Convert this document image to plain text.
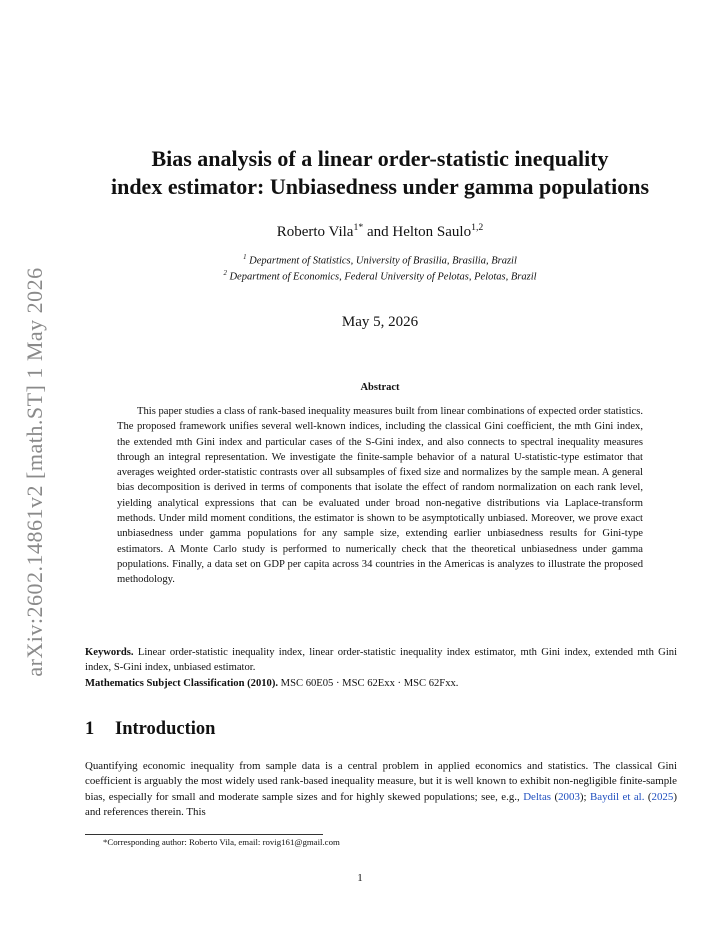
arXiv:2602.14861v2 [math.ST] 1 May 2026
Bias analysis of a linear order-statistic inequality
index estimator: Unbiasedness under gamma populations
Roberto Vila$^{1*}$ and Helton Saulo$^{1,2}$
$^1$ Department of Statistics, University of Brasilia, Brasilia, Brazil
$^2$ Department of Economics, Federal University of Pelotas, Pelotas, Brazil
May 5, 2026
Abstract

This paper studies a class of rank-based inequality measures built from linear combinations of expected order statistics. The proposed framework unifies several well-known indices, including the classical Gini coefficient, the mth Gini index, the extended mth Gini index and particular cases of the S-Gini index, and also connects to spectral inequality measures through an integral representation. We investigate the finite-sample behavior of a natural U-statistic-type estimator that averages weighted order-statistic contrasts over all subsamples of fixed size and normalizes by the sample mean. A general bias decomposition is derived in terms of components that isolate the effect of random normalization on each rank level, yielding analytical expressions that can be evaluated under broad non-negative distributions via Laplace-transform methods. Under mild moment conditions, the estimator is shown to be asymptotically unbiased. Moreover, we prove exact unbiasedness under gamma populations for any sample size, extending earlier unbiasedness results for Gini-type estimators. A Monte Carlo study is performed to numerically check that the theoretical unbiasedness under gamma populations. Finally, a data set on GDP per capita across 34 countries in the Americas is analyzes to illustrate the proposed methodology.

Keywords. Linear order-statistic inequality index, linear order-statistic inequality index estimator, mth Gini index, extended mth Gini index, S-Gini index, unbiased estimator.

Mathematics Subject Classification (2010). MSC 60E05 · MSC 62Exx · MSC 62Fxx.

1 Introduction

Quantifying economic inequality from sample data is a central problem in applied economics and statistics. The classical Gini coefficient is arguably the most widely used rank-based inequality measure, but it is well known to exhibit non-negligible finite-sample bias, especially for small and moderate sample sizes and for highly skewed populations; see, e.g., Deltas (2003); Baydil et al. (2025) and references therein. This

*Corresponding author: Roberto Vila, email: rovig161@gmail.com
1
